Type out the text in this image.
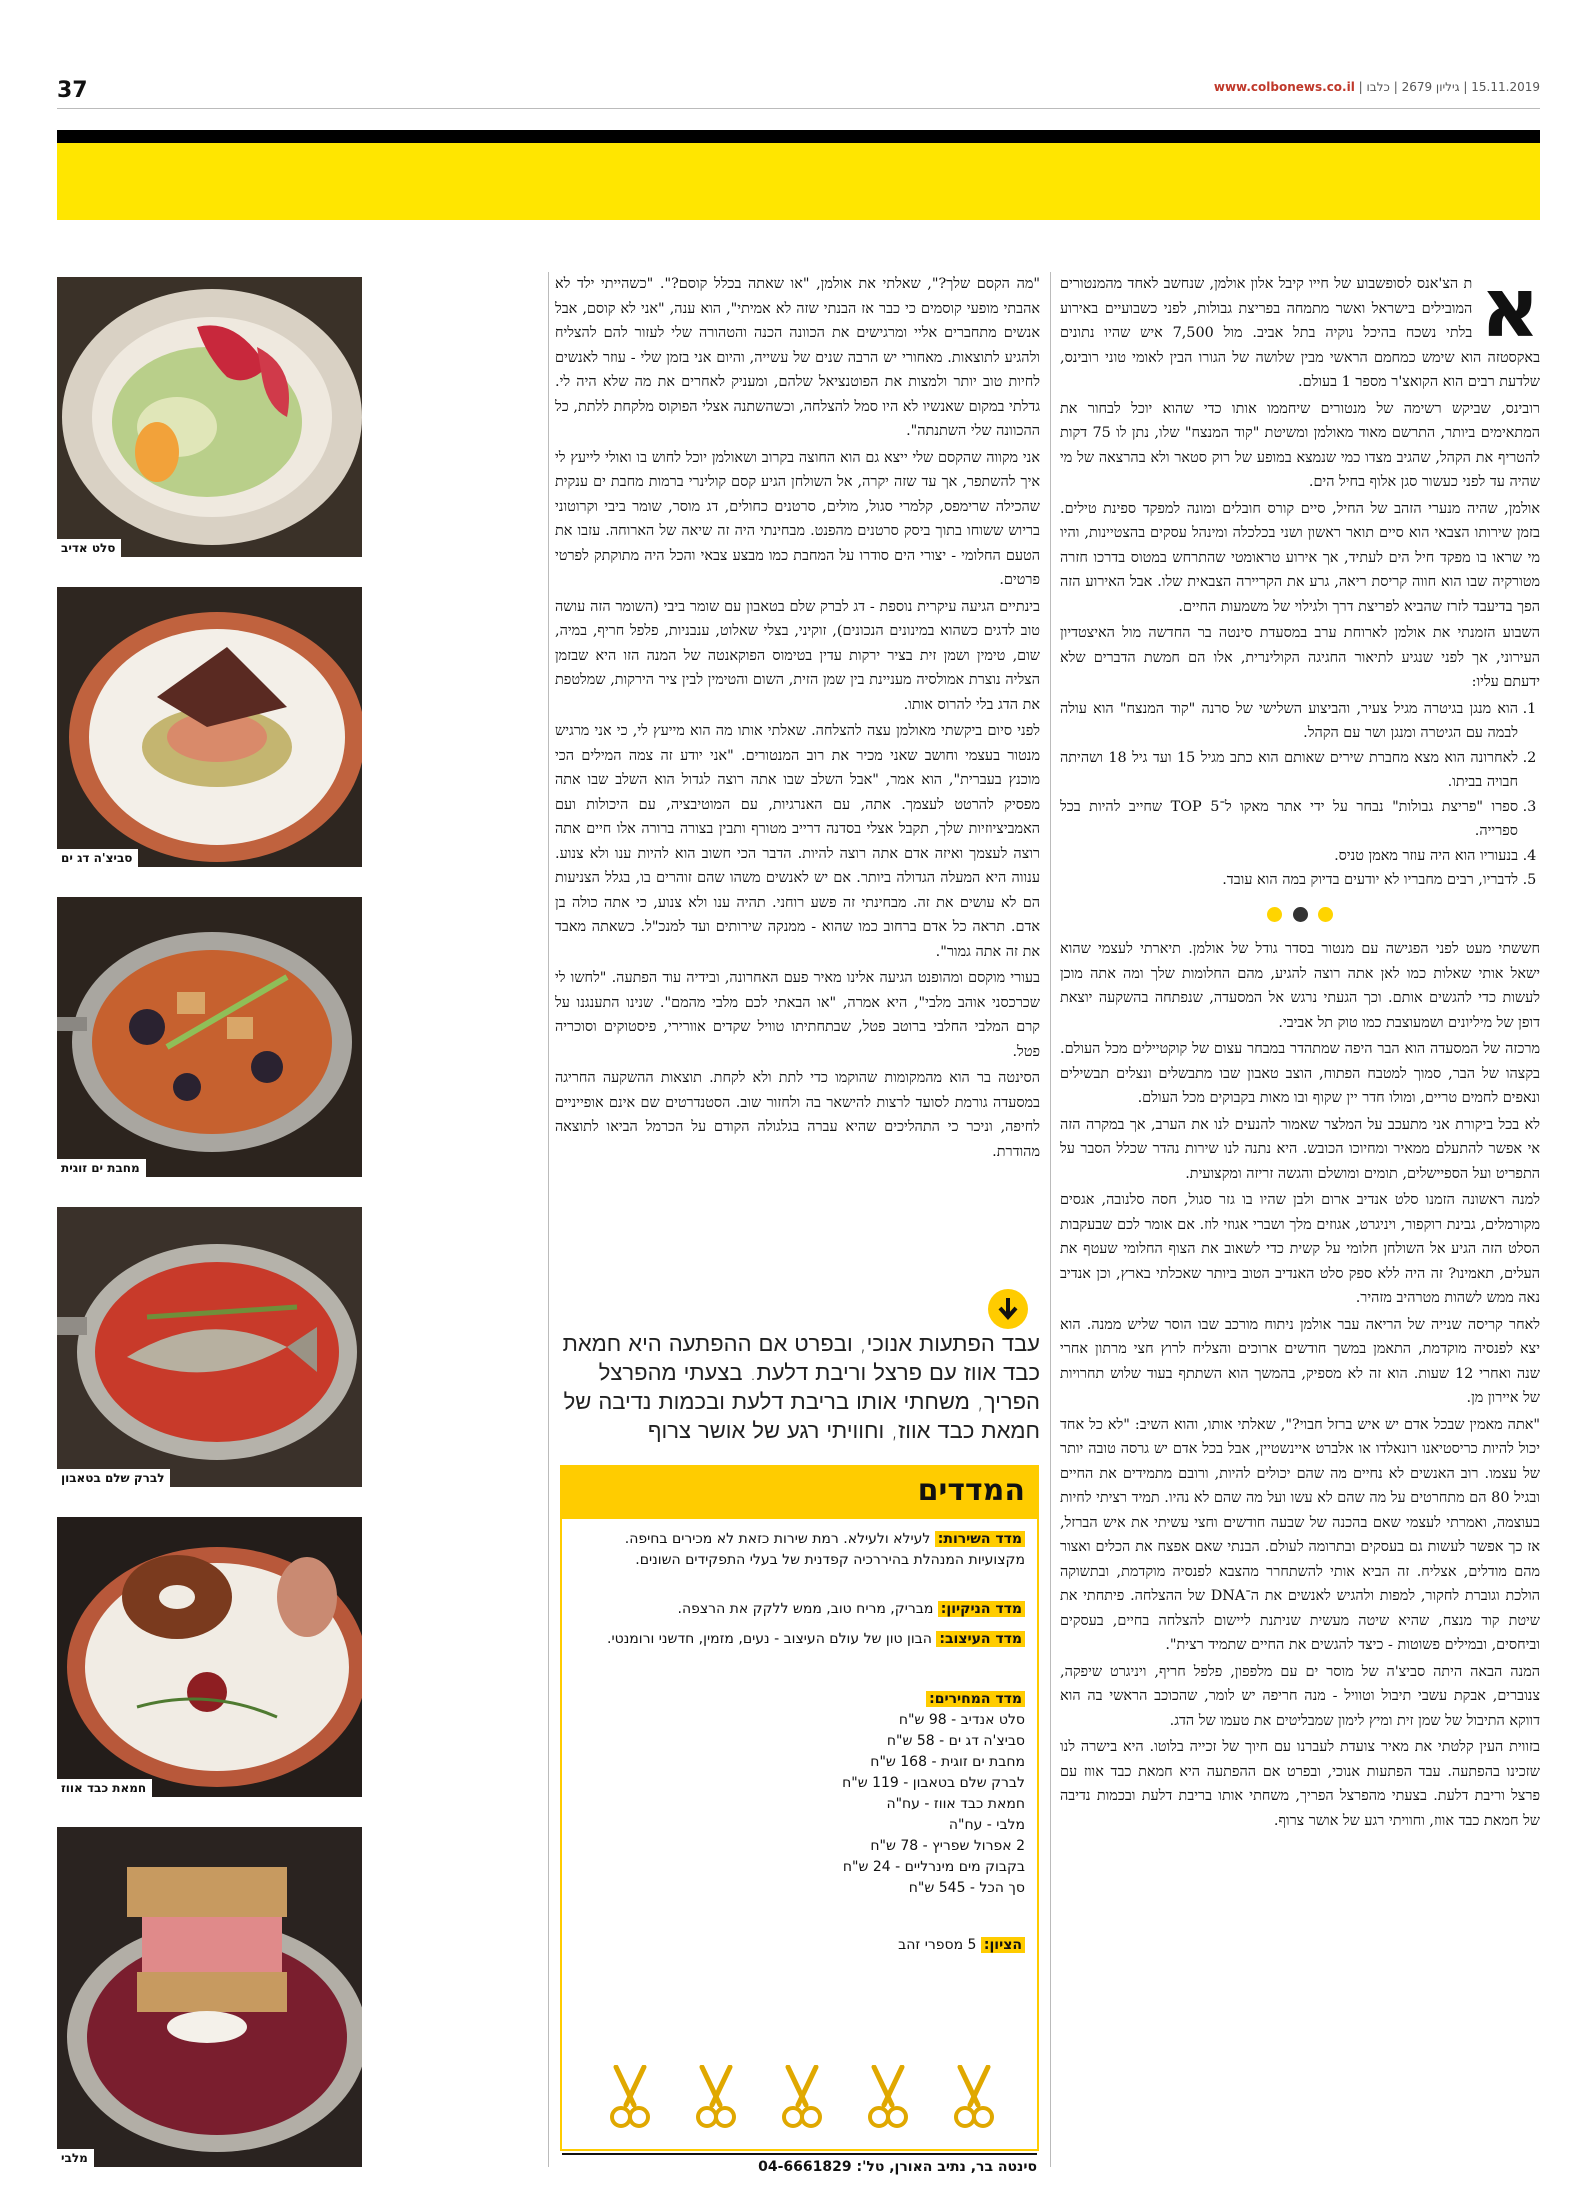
37	15.11.2019 | גיליון 2679 | כלבו | www.colbonews.co.il
סלט אדיב
סביצ'ה דג ים
מחבת ים זוגית
לברק שלם בטאבון
חמאת כבד אווז
מלבי

א
ת הצ'אנס לסופשבוע של חייו קיבל אלון אולמן, שנחשב לאחד מהמנטורים המובילים בישראל ואשר מתמחה בפריצת גבולות, לפני כשבועיים באירוע בלתי נשכח בהיכל נוקיה בתל אביב. מול 7,500 איש שהיו נתונים באקסטזה הוא שימש כמחמם הראשי מבין שלושה של הגורו הבין לאומי טוני רובינס, שלדעת רבים הוא הקואצ'ר מספר 1 בעולם.

רובינס, שביקש רשימה של מנטורים שיחממו אותו כדי שהוא יוכל לבחור את המתאימים ביותר, התרשם מאוד מאולמן ומשיטת "קוד המנצח" שלו, נתן לו 75 דקות להטריף את הקהל, שהגיב מצדו כמי שנמצא במופע של רוק סטאר ולא בהרצאה של מי שהיה עד לפני כעשור סגן אלוף בחיל הים.

אולמן, שהיה מנערי הזהב של החיל, סיים קורס חובלים ומונה למפקד ספינת טילים. בזמן שירותו הצבאי הוא סיים תואר ראשון ושני בכלכלה ומינהל עסקים בהצטיינות, והיו מי שראו בו מפקד חיל הים לעתיד, אך אירוע טראומטי שהתרחש במטוס בדרכו חזרה מטורקיה שבו הוא חווה קריסת ריאה, גרע את הקריירה הצבאית שלו. אבל האירוע הזה הפך בדיעבד לזרז שהביא לפריצת דרך ולגילוי של משמעות החיים.

השבוע הזמנתי את אולמן לארוחת ערב במסעדת סינטה בר החדשה מול האיצטדיון העירוני, אך לפני שנגיע לתיאור החגיגה הקולינרית, אלו הם חמשת הדברים שלא ידעתם עליו:

1. הוא מנגן בגיטרה מגיל צעיר, והביצוע השלישי של סרנה "קוד המנצח" הוא עולה לבמה עם הגיטרה ומנגן ושר עם הקהל.
2. לאחרונה הוא מצא מחברת שירים שאותם הוא כתב מגיל 15 ועד גיל 18 ושהיתה חבויה בביתו.
3. ספרו "פריצת גבולות" נבחר על ידי אתר מאקו ל־5 TOP שחייב להיות בכל ספרייה.
4. בנעוריו הוא היה עוזר מאמן טניס.
5. לדבריו, רבים מחבריו לא יודעים בדיוק במה הוא עובד.

חששתי מעט לפני הפגישה עם מנטור בסדר גודל של אולמן. תיארתי לעצמי שהוא ישאל אותי שאלות כמו לאן אתה רוצה להגיע, מהם החלומות שלך ומה אתה מוכן לעשות כדי להגשים אותם. וכך הגעתי נרגש אל המסעדה, שנפתחה בהשקעה יוצאת דופן של מיליונים ושמעוצבת כמו טוק תל אביבי.

מרכזה של המסעדה הוא הבר היפה שמתהדר במבחר עצום של קוקטיילים מכל העולם. בקצהו של הבר, סמוך למטבח הפתוח, הוצב טאבון שבו מתבשלים ונצלים תבשילים ונאפים לחמים טריים, ומולו חדר יין שקוף ובו מאות בקבוקים מכל העולם.

לא בכל ביקורת אני מתעכב על המלצר שאמור להנעים לנו את הערב, אך במקרה הזה אי אפשר להתעלם ממאיר ומחיוכו הכובש. היא נתנה לנו שירות נהדר שכלל הסבר על התפריט ועל הספיישלים, תומים ומושלם והגשה זריזה ומקצועית.

למנה ראשונה הזמנו סלט אנדיב ארום ולבן שהיו בו גזר סגול, חסה סלנובה, אגסים מקורמלים, גבינת רוקפור, ויניגרט, אגוזים מלך ושברי אגוזי לוז. אם אומר לכם שבעקבות הסלט הזה הגיע אל השולחן חלומי על קשית כדי לשאוב את הצוף החלומי שעטף את העלים, תאמינו? זה היה ללא ספק סלט האנדיב הטוב ביותר שאכלתי בארץ, וכן אנדיב נאה ממש לשהות מטרהיב מזהיר.

לאחר קריסה שנייה של הריאה עבר אולמן ניתוח מורכב שבו הוסר שליש ממנה. הוא יצא לפנסיה מוקדמת, התאמן במשך חודשים ארוכים והצליח לרוץ חצי מרתון אחרי שנה ואחרי 12 שעות. הוא זה לא מספיק, בהמשך הוא השתתף בעוד שלוש תחרויות של איירון מן.

"אתה מאמין שבכל אדם יש איש ברזל חבוי?", שאלתי אותו, והוא השיב: "לא כל אחד יכול להיות כריסטיאנו רונאלדו או אלברט איינשטיין, אבל בכל אדם יש גרסה טובה יותר של עצמו. רוב האנשים לא נחיים מה שהם יכולים להיות, ורובם מתמידים את החיים ובגיל 80 הם מתחרטים על מה שהם לא עשו ועל מה שהם לא נהיו. תמיד רציתי לחיות בעוצמה, ואמרתי לעצמי שאם בהכנה של שבעה חודשים וחצי עשיתי את איש הברזל, אז כך אפשר לעשות גם בעסקים ובתרומה לעולם. הבנתי שאם אפצח את הכלים ואצור מהם מודלים, אצליח. זה הביא אותי להשתחרר מהצבא לפנסיה מוקדמת, ובתשוקה הולכת וגוברת לחקור, למפות ולהגיש לאנשים את ה־DNA של ההצלחה. פיתחתי את שיטת קוד מנצח, שהיא שיטה מעשית שניתנת ליישום להצלחה בחיים, בעסקים וביחסים, ובמילים פשוטות - כיצד להגשים את החיים שתמיד רצית".

המנה הבאה היתה סביצ'ה של מוסר ים עם מלפפון, פלפל חריף, ויניגרט שיפקה, צנוברים, אבקת עשבי תיבול וטוויל - מנה חריפה יש לומר, שהכוכב הראשי בה הוא דווקא התיבול של שמן זית ומיץ לימון שמבליטים את טעמו של הדג.

בזווית העין קלטתי את מאיר צועדת לעברנו עם חיוך של זכייה בלוטו. היא בישרה לנו שזכינו בהפתעה. עבד הפתעות אנוכי, ובפרט אם ההפתעה היא חמאת כבד אווז עם פרצל וריבת דלעת. בצעתי מהפרצל הפריך, משחתי אותו בריבת דלעת ובכמות נדיבה של חמאת כבד אווז, וחוויתי רגע של אושר צרוף.

"מה הקסם שלך?", שאלתי את אולמן, "או שאתה בכלל קוסם?". "כשהייתי ילד לא אהבתי מופעי קוסמים כי כבר אז הבנתי שזה לא אמיתי", הוא ענה, "אני לא קוסם, אבל אנשים מתחברים אליי ומרגישים את הכוונה הכנה והטהורה שלי לעזור להם להצליח ולהגיע לתוצאות. מאחורי יש הרבה שנים של עשייה, והיום אני בזמן שלי - עוזר לאנשים לחיות טוב יותר ולמצות את הפוטנציאל שלהם, ומעניק לאחרים את מה שלא היה לי. גדלתי במקום שאנשיו לא היו סמל להצלחה, וכשהשתנה אצלי הפוקוס מלקחת ללתת, כל ההכוונה שלי השתנתה".

אני מקווה שהקסם שלי ייצא גם הוא החוצה בקרוב ושאולמן יוכל לחוש בו ואולי לייעץ לי איך להשתפר, אך עד שזה יקרה, אל השולחן הגיע קסם קולינרי ברמות מחבת ים ענקית שהכילה שרימפס, קלמרי סגול, מולים, סרטנים כחולים, דג מוסר, שומר ביבי וקרוטוני בריוש ששוחו בתוך ביסק סרטנים מהפנט. מבחינתי היה זה שיאה של הארוחה. עזבו את הטעם החלומי - יצורי הים סודרו על המחבת כמו מבצע צבאי והכל היה מתוקתק לפרטי פרטים.

בינתיים הגיעה עיקרית נוספת - דג לברק שלם בטאבון עם שומר ביבי (השומר הזה עושה טוב לדגים כשהוא במינונים הנכונים), זוקיני, בצלי שאלוט, ענבניות, פלפל חריף, במיה, שום, טימין ושמן זית בציר ירקות עדין בטימוס הפוקאנטה של המנה הזו היא שבזמן הצליה נוצרת אמולסיה מעניינת בין שמן הזית, השום והטימין לבין ציר הירקות, שמלטפת את הדג בלי להרוס אותו.

לפני סיום ביקשתי מאולמן עצה להצלחה. שאלתי אותו מה הוא מייעץ לי, כי אני מרגיש מנטור בעצמי וחושב שאני מכיר את רוב המנטורים. "אני יודע זה צמה המילים הכי מוכנץ בעברית", הוא אמר, "אבל השלב שבו אתה רוצה לגדול הוא השלב שבו אתה מפסיק להרטט לעצמך. אתה, עם האנרגיות, עם המוטיבציה, עם היכולות ועם האמביציוזיות שלך, תקבל אצלי בסדנה דרייב מטורף ותבין בצורה ברורה אלו חיים אתה רוצה לעצמך ואיזה אדם אתה רוצה להיות. הדבר הכי חשוב הוא להיות ענו ולא צנוע. ענווה היא המעלה הגדולה ביותר. אם יש לאנשים משהו שהם זוהרים בו, בגלל הצניעות הם לא עושים את זה. מבחינתי זה פשע רוחני. תהיה ענו ולא צנוע, כי אתה כולה בן אדם. תראה כל אדם ברחוב כמו שהוא - ממנקה שירותים ועד למנכ"ל. כשאתה מאבד את זה אתה גמור".

בעורי מוקסם ומהופנט הגיעה אלינו מאיר פעם האחרונה, ובידיה עוד הפתעה. "לחשו לי שכרכסני אוהב מלבי", היא אמרה, "או הבאתי לכם מלבי מהמם". שנינו התענגנו על קרם המלבי החלבי ברוטב פטל, שבתחתיתו טוויל שקדים אוורירי, פיסטוקים וסוכריה פטל.

הסינטה בר הוא מהמקומות שהוקמו כדי לתת ולא לקחת. תוצאות ההשקעה החריגה במסעדה גורמת לסועד לרצות להישאר בה ולחזור שוב. הסטנדרטים שם אינם אופייניים לחיפה, וניכר כי התהליכים שהיא עברה בגלגולה הקודם על הכרמל הביאו לתוצאה מהודרת.

עבד הפתעות אנוכי, ובפרט אם ההפתעה היא חמאת כבד אווז עם פרצל וריבת דלעת. בצעתי מהפרצל הפריך, משחתי אותו בריבת דלעת ובכמות נדיבה של חמאת כבד אווז, וחוויתי רגע של אושר צרוף
המדדים
מדד השירות: לעילא ולעילא. רמת שירות כזאת לא מכירים בחיפה. מקצועיות המנהלת בהיררכיה קפדנית של בעלי התפקידים השונים.
מדד הניקיון: מבריק, מריח טוב, ממש ללקק את הרצפה.
מדד העיצוב: הבון טון של עולם העיצוב - נעים, מזמין, חדשני ורומנטי.
מדד המחירים:
סלט אנדיב - 98 ש"ח
סביצ'ה דג ים - 58 ש"ח
מחבת ים זוגית - 168 ש"ח
לברק שלם בטאבון - 119 ש"ח
חמאת כבד אווז - עח"ה
מלבי - עח"ה
2 אפרול שפריץ - 78 ש"ח
בקבוק מים מינרליים - 24 ש"ח
סך הכל - 545 ש"ח
הציון: 5 מספרי זהב
סינטה בר, נתיב האורן, טל': 04-6661829
